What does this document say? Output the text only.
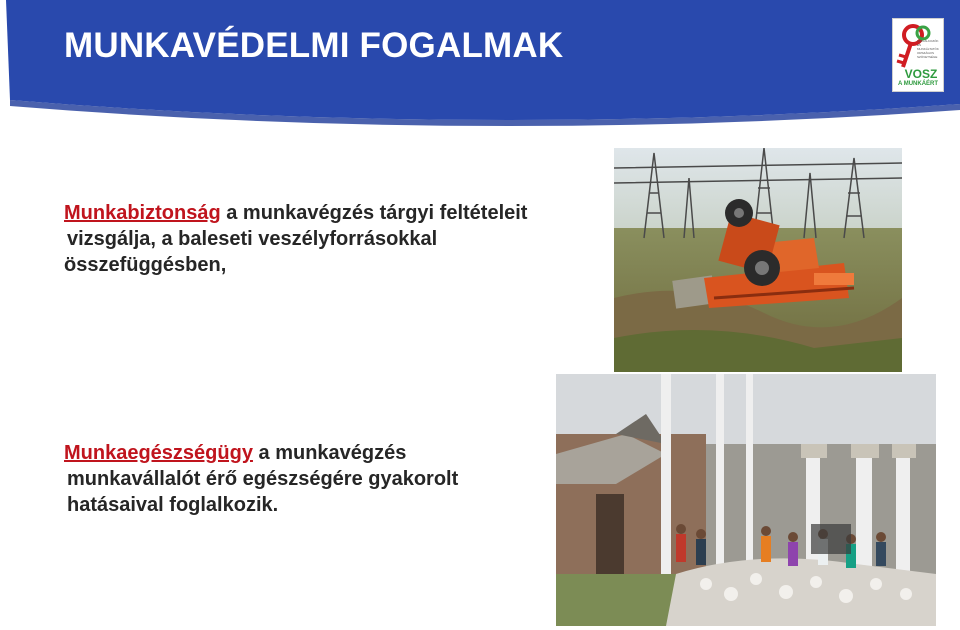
MUNKAVÉDELMI FOGALMAK	VÁLLALKOZÓK ÉS MUNKÁLTATÓK ORSZÁGOS SZÖVETSÉGE
VOSZ
A MUNKÁÉRT
Munkabiztonság a munkavégzés tárgyi feltételeit
vizsgálja, a baleseti veszélyforrásokkal
összefüggésben,
Munkaegészségügy a munkavégzés
munkavállalót érő egészségére gyakorolt
hatásaival foglalkozik.
